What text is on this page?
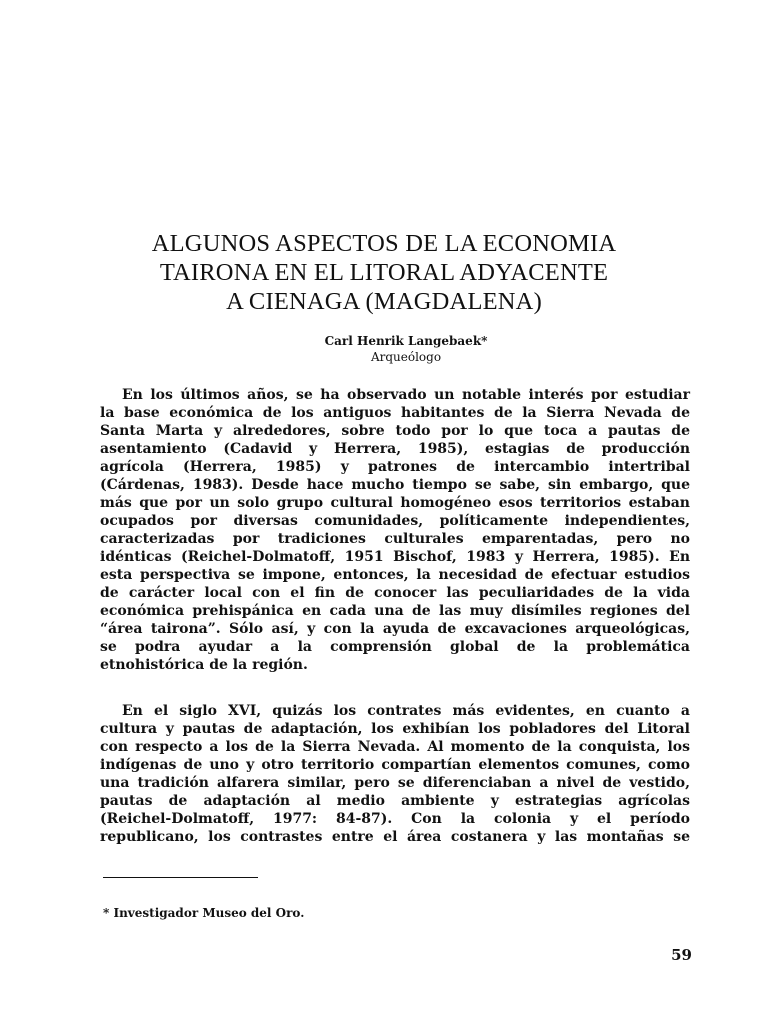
ALGUNOS ASPECTOS DE LA ECONOMIA
TAIRONA EN EL LITORAL ADYACENTE
A CIENAGA (MAGDALENA)
Carl Henrik Langebaek*
Arqueólogo
En los últimos años, se ha observado un notable interés por estudiar
la base económica de los antiguos habitantes de la Sierra Nevada de
Santa Marta y alrededores, sobre todo por lo que toca a pautas de
asentamiento (Cadavid y Herrera, 1985), estagias de producción
agrícola (Herrera, 1985) y patrones de intercambio intertribal
(Cárdenas, 1983). Desde hace mucho tiempo se sabe, sin embargo, que
más que por un solo grupo cultural homogéneo esos territorios estaban
ocupados por diversas comunidades, políticamente independientes,
caracterizadas por tradiciones culturales emparentadas, pero no
idénticas (Reichel-Dolmatoff, 1951 Bischof, 1983 y Herrera, 1985). En
esta perspectiva se impone, entonces, la necesidad de efectuar estudios
de carácter local con el fin de conocer las peculiaridades de la vida
económica prehispánica en cada una de las muy disímiles regiones del
“área tairona”. Sólo así, y con la ayuda de excavaciones arqueológicas,
se podra ayudar a la comprensión global de la problemática
etnohistórica de la región.
En el siglo XVI, quizás los contrates más evidentes, en cuanto a
cultura y pautas de adaptación, los exhibían los pobladores del Litoral
con respecto a los de la Sierra Nevada. Al momento de la conquista, los
indígenas de uno y otro territorio compartían elementos comunes, como
una tradición alfarera similar, pero se diferenciaban a nivel de vestido,
pautas de adaptación al medio ambiente y estrategias agrícolas
(Reichel-Dolmatoff, 1977: 84-87). Con la colonia y el período
republicano, los contrastes entre el área costanera y las montañas se
* Investigador Museo del Oro.
59
